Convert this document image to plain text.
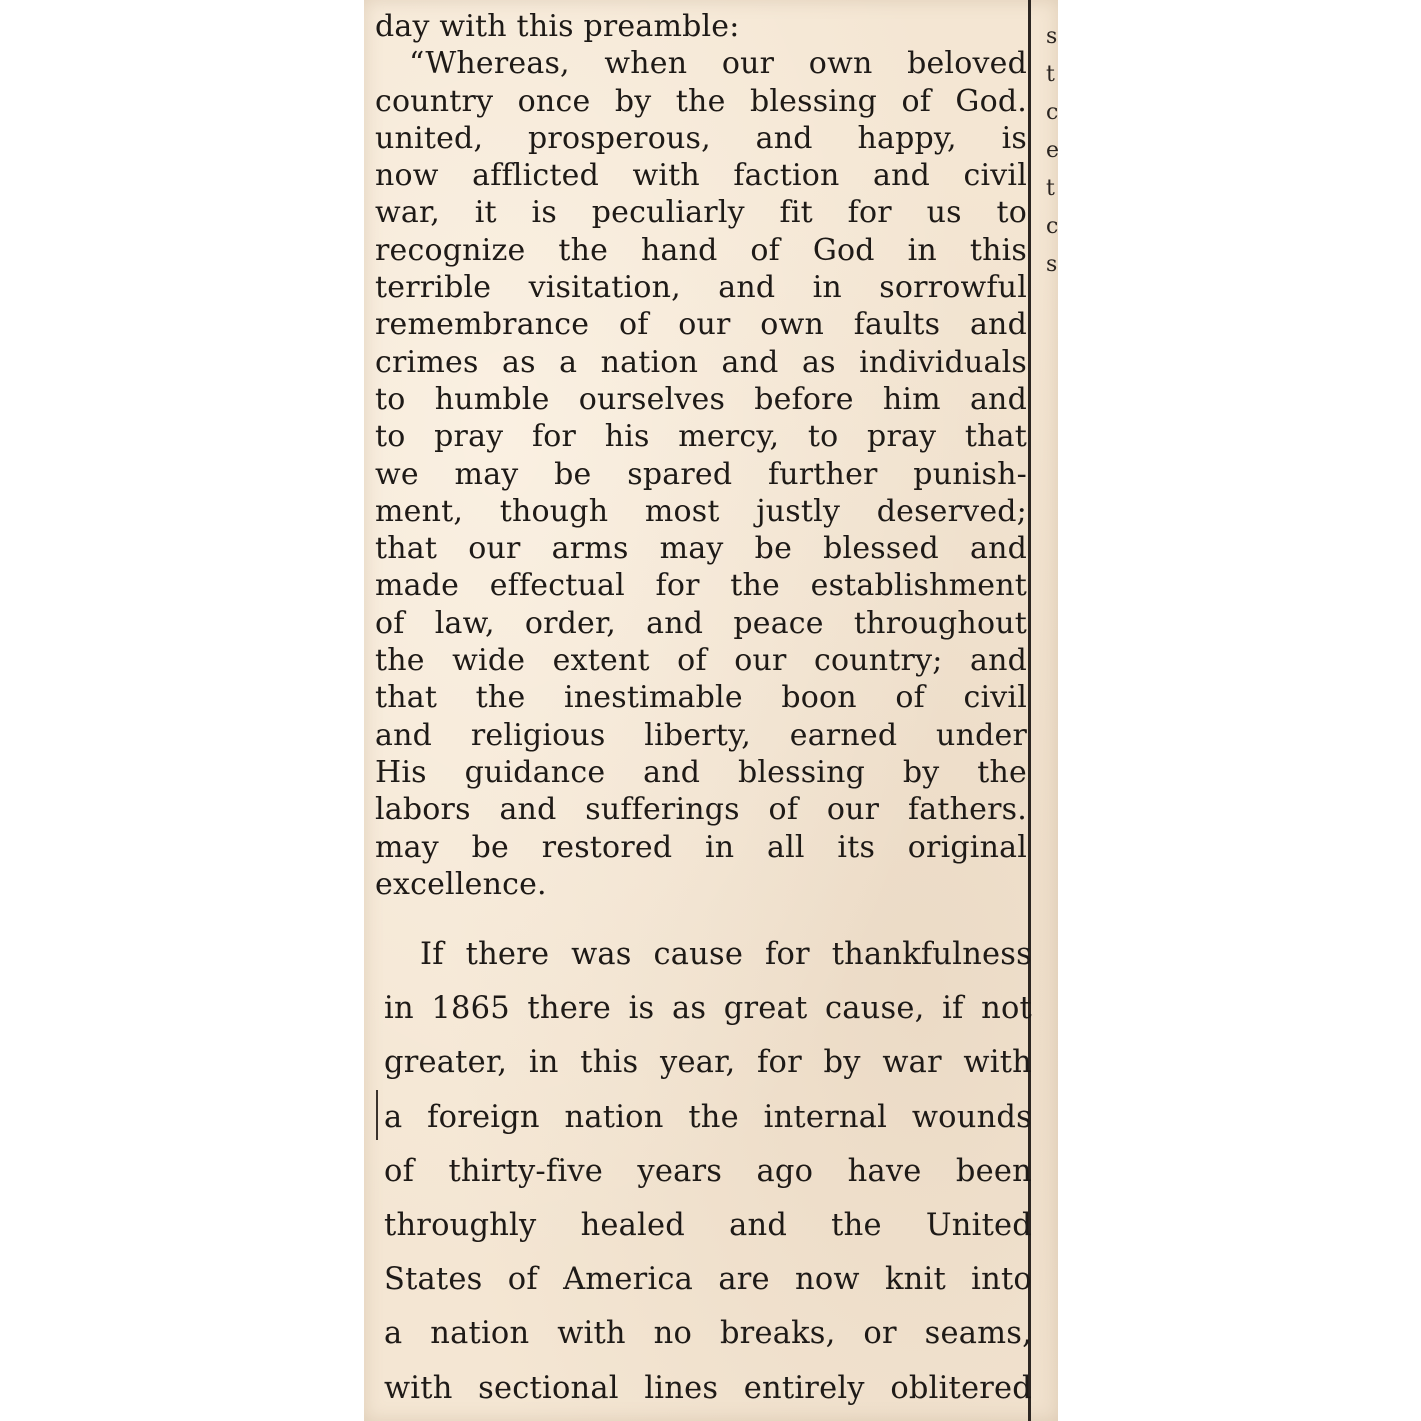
s
t
c
e
t
c
s
day with this preamble:
“Whereas, when our own beloved
country once by the blessing of God.
united, prosperous, and happy, is
now afflicted with faction and civil
war, it is peculiarly fit for us to
recognize the hand of God in this
terrible visitation, and in sorrowful
remembrance of our own faults and
crimes as a nation and as individuals
to humble ourselves before him and
to pray for his mercy, to pray that
we may be spared further punish-
ment, though most justly deserved;
that our arms may be blessed and
made effectual for the establishment
of law, order, and peace throughout
the wide extent of our country; and
that the inestimable boon of civil
and religious liberty, earned under
His guidance and blessing by the
labors and sufferings of our fathers.
may be restored in all its original
excellence.
If there was cause for thankfulness
in 1865 there is as great cause, if not
greater, in this year, for by war with
a foreign nation the internal wounds
of thirty-five years ago have been
throughly healed and the United
States of America are now knit into
a nation with no breaks, or seams,
with sectional lines entirely oblitered
